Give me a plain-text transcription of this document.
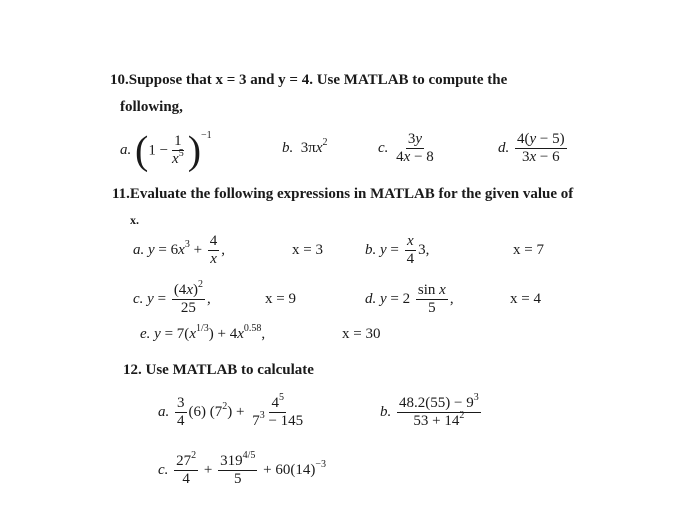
10.Suppose that x = 3 and y = 4. Use MATLAB to compute the
following,
a. $(1 - \frac{1}{x^5} )^{-1}$
b.  $3\pi x^2$	c. $\frac{3y}{4x - 8}$	d. $\frac{4(y - 5)}{3x - 6}$
11.Evaluate the following expressions in MATLAB for the given value of
x.
a. $y = 6x^3 + \frac{4}{x}$ ,	x = 3	b. $y = \frac{x}{4} 3$,	x = 7
c. $y = \frac{(4x)^2}{25}$ ,	x = 9	d. $y = 2 \frac{\text{sin x}}{5}$ ,	x = 4
e. $y = 7(x^{1/3}) + 4x^{0.58}$,	x = 30
12. Use MATLAB to calculate
a. $\frac{3}{4} (6) (7^2) + \frac{4^5}{7^3 - 145}$	b. $\frac{48.2(55) - 9^3}{53 + 14^2}$
c. $\frac{27^2}{4} + \frac{319^{4/5}}{5} + 60(14)^{-3}$
